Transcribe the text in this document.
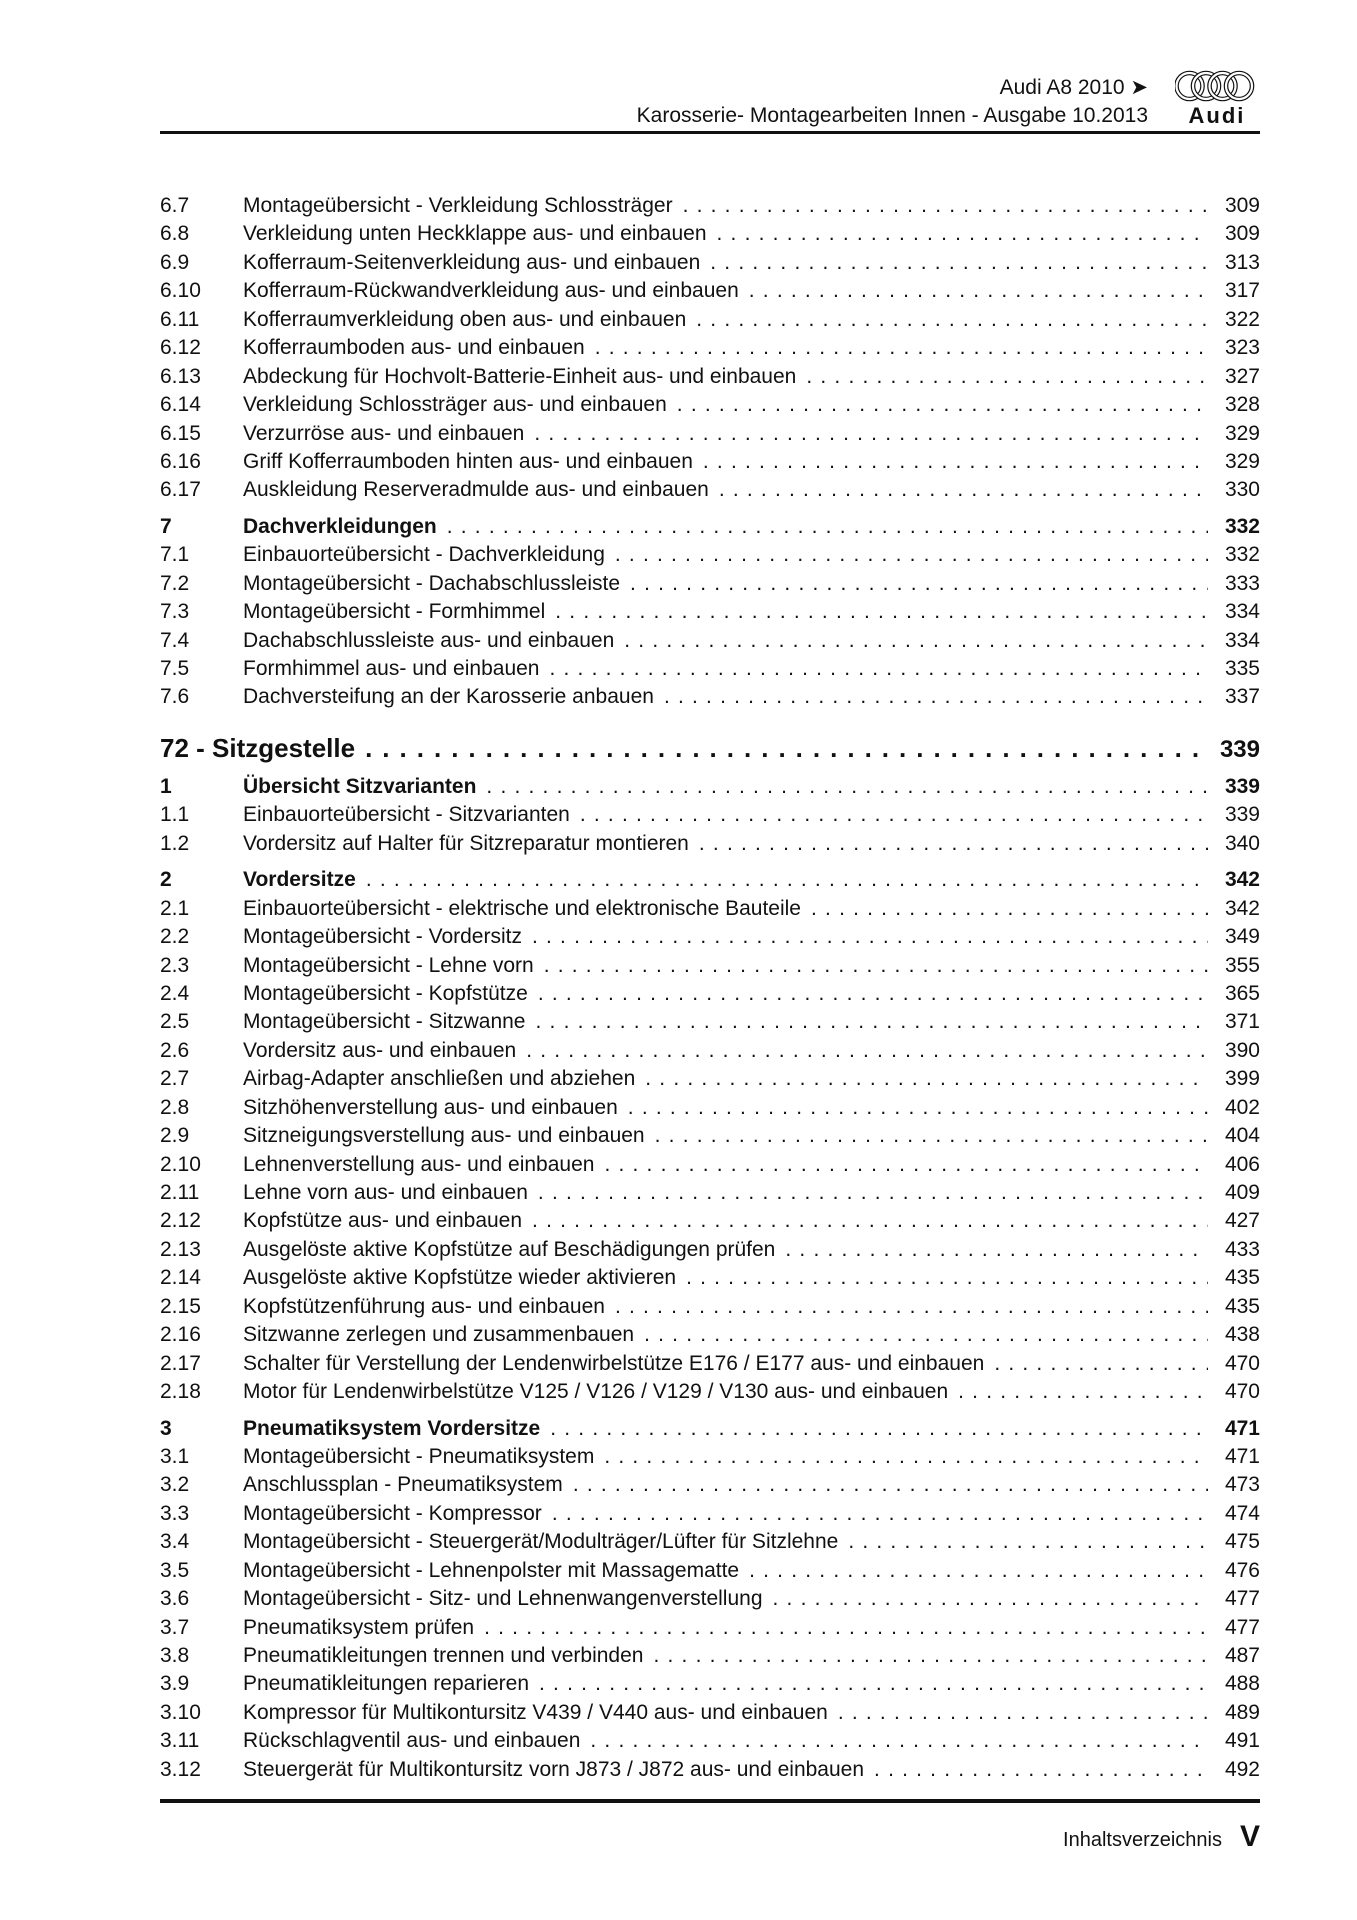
Audi A8 2010 ➤
Karosserie- Montagearbeiten Innen - Ausgabe 10.2013	Audi
6.7	Montageübersicht - Verkleidung Schlossträger .....	309
6.8	Verkleidung unten Heckklappe aus- und einbauen .....	309
6.9	Kofferraum-Seitenverkleidung aus- und einbauen .....	313
6.10	Kofferraum-Rückwandverkleidung aus- und einbauen .....	317
6.11	Kofferraumverkleidung oben aus- und einbauen .....	322
6.12	Kofferraumboden aus- und einbauen .....	323
6.13	Abdeckung für Hochvolt-Batterie-Einheit aus- und einbauen .....	327
6.14	Verkleidung Schlossträger aus- und einbauen .....	328
6.15	Verzurröse aus- und einbauen .....	329
6.16	Griff Kofferraumboden hinten aus- und einbauen .....	329
6.17	Auskleidung Reserveradmulde aus- und einbauen .....	330
7	Dachverkleidungen .....	332
7.1	Einbauorteübersicht - Dachverkleidung .....	332
7.2	Montageübersicht - Dachabschlussleiste .....	333
7.3	Montageübersicht - Formhimmel .....	334
7.4	Dachabschlussleiste aus- und einbauen .....	334
7.5	Formhimmel aus- und einbauen .....	335
7.6	Dachversteifung an der Karosserie anbauen .....	337
72 - Sitzgestelle .....	339
1	Übersicht Sitzvarianten .....	339
1.1	Einbauorteübersicht - Sitzvarianten .....	339
1.2	Vordersitz auf Halter für Sitzreparatur montieren .....	340
2	Vordersitze .....	342
2.1	Einbauorteübersicht - elektrische und elektronische Bauteile .....	342
2.2	Montageübersicht - Vordersitz .....	349
2.3	Montageübersicht - Lehne vorn .....	355
2.4	Montageübersicht - Kopfstütze .....	365
2.5	Montageübersicht - Sitzwanne .....	371
2.6	Vordersitz aus- und einbauen .....	390
2.7	Airbag-Adapter anschließen und abziehen .....	399
2.8	Sitzhöhenverstellung aus- und einbauen .....	402
2.9	Sitzneigungsverstellung aus- und einbauen .....	404
2.10	Lehnenverstellung aus- und einbauen .....	406
2.11	Lehne vorn aus- und einbauen .....	409
2.12	Kopfstütze aus- und einbauen .....	427
2.13	Ausgelöste aktive Kopfstütze auf Beschädigungen prüfen .....	433
2.14	Ausgelöste aktive Kopfstütze wieder aktivieren .....	435
2.15	Kopfstützenführung aus- und einbauen .....	435
2.16	Sitzwanne zerlegen und zusammenbauen .....	438
2.17	Schalter für Verstellung der Lendenwirbelstütze E176 / E177 aus- und einbauen .....	470
2.18	Motor für Lendenwirbelstütze V125 / V126 / V129 / V130 aus- und einbauen .....	470
3	Pneumatiksystem Vordersitze .....	471
3.1	Montageübersicht - Pneumatiksystem .....	471
3.2	Anschlussplan - Pneumatiksystem .....	473
3.3	Montageübersicht - Kompressor .....	474
3.4	Montageübersicht - Steuergerät/Modulträger/Lüfter für Sitzlehne .....	475
3.5	Montageübersicht - Lehnenpolster mit Massagematte .....	476
3.6	Montageübersicht - Sitz- und Lehnenwangenverstellung .....	477
3.7	Pneumatiksystem prüfen .....	477
3.8	Pneumatikleitungen trennen und verbinden .....	487
3.9	Pneumatikleitungen reparieren .....	488
3.10	Kompressor für Multikontursitz V439 / V440 aus- und einbauen .....	489
3.11	Rückschlagventil aus- und einbauen .....	491
3.12	Steuergerät für Multikontursitz vorn J873 / J872 aus- und einbauen .....	492
Inhaltsverzeichnis V
